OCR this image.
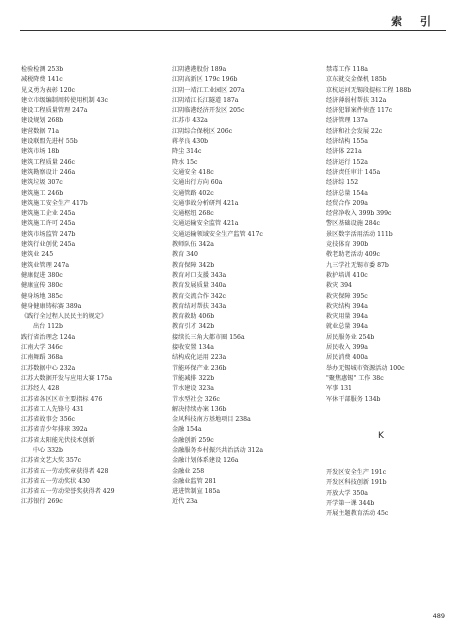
索 引
检验检测 253b
减税降费 141c
见义勇为表彰 120c
建立市级编制周转使用机制 43c
建设工程质量管理 247a
建设规划 268b
建营数据 71a
建设联盟先进村 55b
建筑市场 18b
建筑工程质量 246c
建筑勘察设计 246a
建筑垃圾 307c
建筑施工 246b
建筑施工安全生产 417b
建筑施工企业 245a
建筑施工许可 245a
建筑市场监管 247b
建筑行业创优 245a
建筑业 245
建筑业管理 247a
健康促进 380c
健康宣传 380c
健身场地 385c
健身健康铸标赛 389a
《践行全过程人民民主的规定》
出台 112b
践行省治理念 124a
江南大学 346c
江南舞蹈 368a
江苏数据中心 232a
江苏大数据开发与应用大赛 175a
江苏经人 428
江苏省各区区市主要指标 476
江苏省工人先锋号 431
江苏省故事会 356c
江苏省青少年排球 392a
江苏省太阳能光伏技术创新
中心 332b
江苏省文艺大奖 357c
江苏省五一劳动奖章获得者 428
江苏省五一劳动奖状 430
江苏省五一劳动荣誉奖获得者 429
江苏银行 269c
江阴港港股份 189a
江阴高新区 179c 196b
江阴一靖江工业园区 207a
江阴靖江长江隧道 187a
江阴临港经济开发区 205c
江苏市 432a
江阴综合保税区 206c
蒋孝良 430b
降尘 314c
降水 15c
交通安全 418c
交通出行方向 60a
交通管路 402c
交通事故分析研判 421a
交通枢纽 268c
交通运输安全监管 421a
交通运输领域安全生产监管 417c
教师队伍 342a
教育 340
教育保障 342b
教育对口支援 343a
教育发展质量 340a
教育交流合作 342c
教育结对帮扶 343a
教育救助 406b
教育引才 342b
接续长三角大都市圈 156a
接收安置 134a
结构成化运用 223a
节能环保产业 236b
节能减排 322b
节水建设 323a
节水型社会 326c
解决持续办案 136b
金风科技南方基地项目 238a
金融 154a
金融创新 259c
金融服务乡村振兴共治活动 312a
金融计划体系建设 126a
金融业 258
金融业监管 281
进进管制宣 185a
近代 23a
禁毒工作 118a
京东就交金保机 185b
京杭运河无锡段提标工程 188b
经济薄弱村帮扶 312a
经济犯罪案件侦查 117c
经济管理 137a
经济和社会发展 22c
经济结构 155a
经济体 221a
经济运行 152a
经济责任审计 145a
经济综 152
经济总量 154a
经贸合作 209a
经营净收入 399b 399c
警区基础设施 284c
景区数字活用活动 111b
竞技体育 390b
敬老助老活动 409c
九三学社无锡市委 87b
救护培训 410c
救灾 394
救灾保障 395c
救灾结构 394a
救灾用量 394a
就业总量 394a
居民服务业 254b
居民收入 399a
居民消费 400a
举办无锡城市资源活动 100c
"聚焦惠锡" 工作 38c
军事 131
军休干部服务 134b
K
开发区安全生产 191c
开发区科技创新 191b
开放大学 350a
开学第一课 344b
开展主题教育活动 45c
489
